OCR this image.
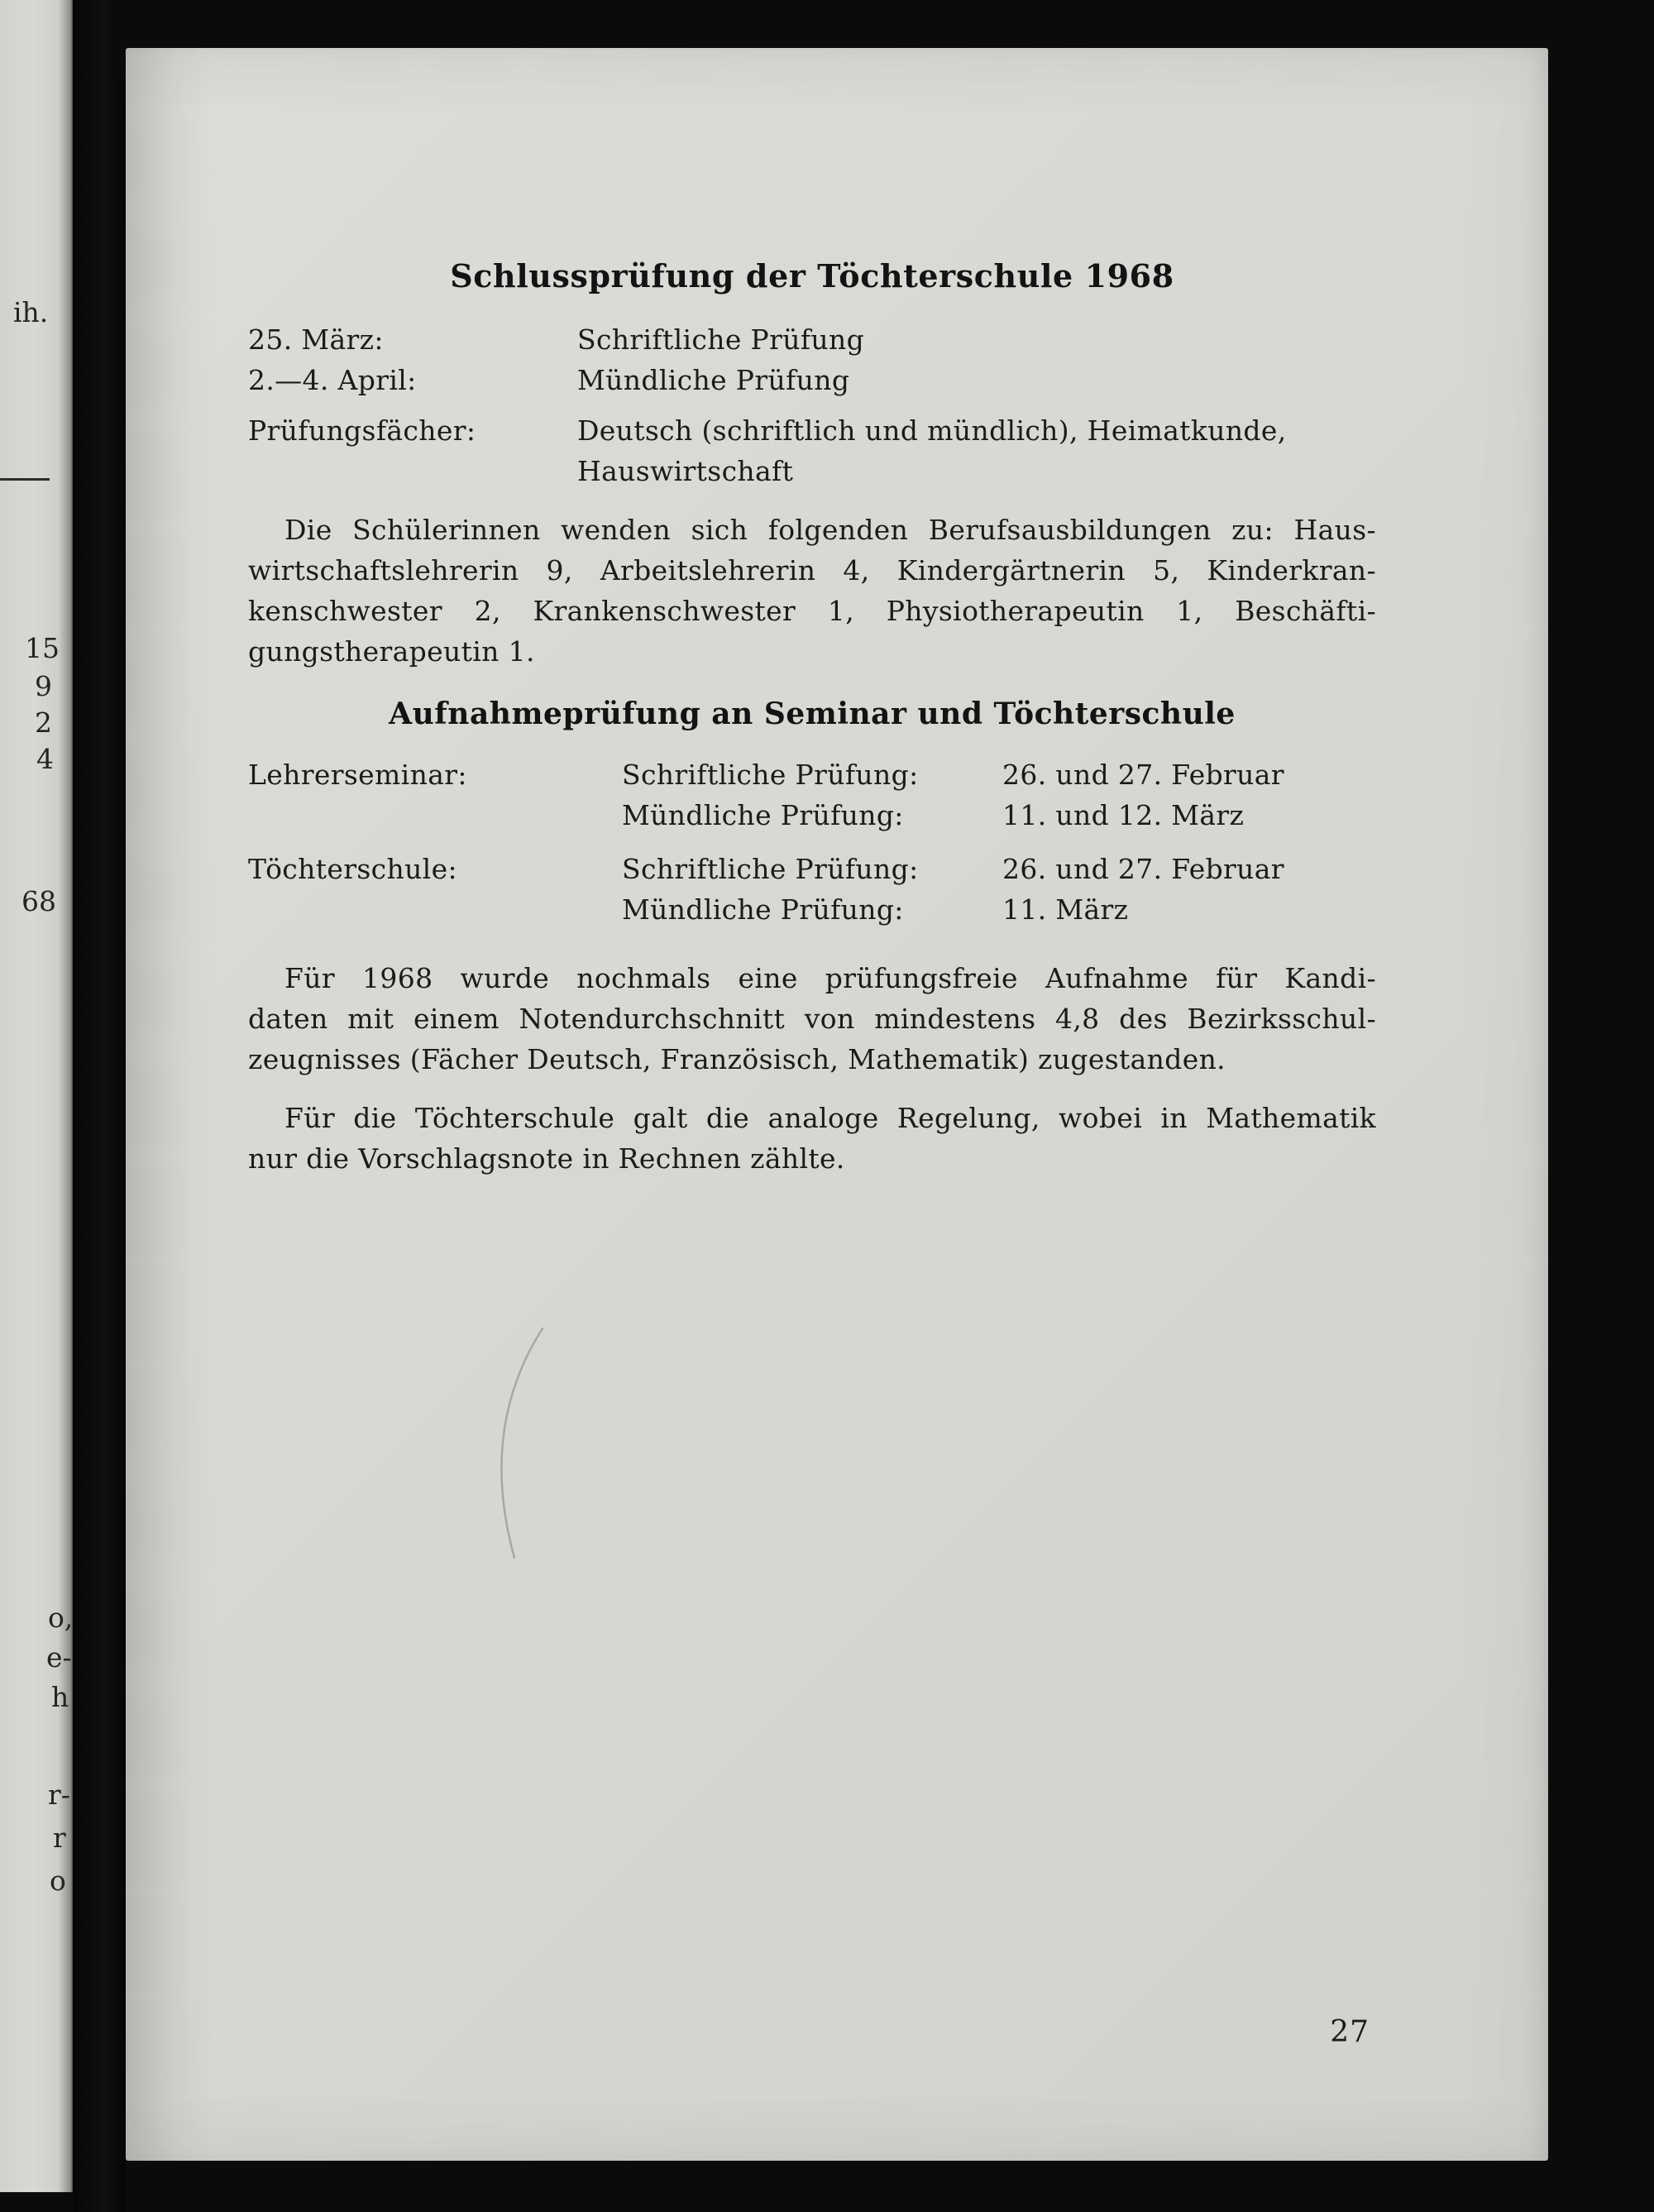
ih.
15
9
2
4
68
o,
e-
h
r-
r
o
Schlussprüfung der Töchterschule 1968
25. März:	Schriftliche Prüfung
2.—4. April:	Mündliche Prüfung
Prüfungsfächer:	Deutsch (schriftlich und mündlich), Heimatkunde,
Hauswirtschaft
Die Schülerinnen wenden sich folgenden Berufsausbildungen zu: Haus-
wirtschaftslehrerin 9, Arbeitslehrerin 4, Kindergärtnerin 5, Kinderkran-
kenschwester 2, Krankenschwester 1, Physiotherapeutin 1, Beschäfti-
gungstherapeutin 1.
Aufnahmeprüfung an Seminar und Töchterschule
Lehrerseminar:	Schriftliche Prüfung:	26. und 27. Februar
Mündliche Prüfung:	11. und 12. März
Töchterschule:	Schriftliche Prüfung:	26. und 27. Februar
Mündliche Prüfung:	11. März
Für 1968 wurde nochmals eine prüfungsfreie Aufnahme für Kandi-
daten mit einem Notendurchschnitt von mindestens 4,8 des Bezirksschul-
zeugnisses (Fächer Deutsch, Französisch, Mathematik) zugestanden.
Für die Töchterschule galt die analoge Regelung, wobei in Mathematik
nur die Vorschlagsnote in Rechnen zählte.
27
